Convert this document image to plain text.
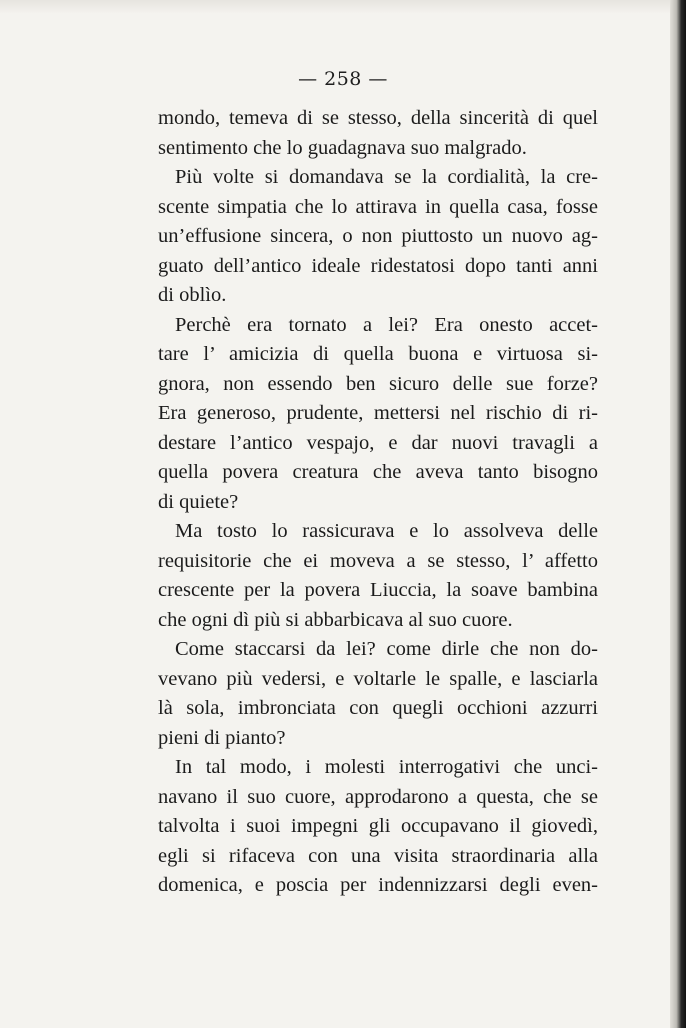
— 258 —
mondo, temeva di se stesso, della sincerità di quel
sentimento che lo guadagnava suo malgrado.
Più volte si domandava se la cordialità, la cre-
scente simpatia che lo attirava in quella casa, fosse
un’effusione sincera, o non piuttosto un nuovo ag-
guato dell’antico ideale ridestatosi dopo tanti anni
di oblìo.
Perchè era tornato a lei? Era onesto accet-
tare l’ amicizia di quella buona e virtuosa si-
gnora, non essendo ben sicuro delle sue forze?
Era generoso, prudente, mettersi nel rischio di ri-
destare l’antico vespajo, e dar nuovi travagli a
quella povera creatura che aveva tanto bisogno
di quiete?
Ma tosto lo rassicurava e lo assolveva delle
requisitorie che ei moveva a se stesso, l’ affetto
crescente per la povera Liuccia, la soave bambina
che ogni dì più si abbarbicava al suo cuore.
Come staccarsi da lei? come dirle che non do-
vevano più vedersi, e voltarle le spalle, e lasciarla
là sola, imbronciata con quegli occhioni azzurri
pieni di pianto?
In tal modo, i molesti interrogativi che unci-
navano il suo cuore, approdarono a questa, che se
talvolta i suoi impegni gli occupavano il giovedì,
egli si rifaceva con una visita straordinaria alla
domenica, e poscia per indennizzarsi degli even-
